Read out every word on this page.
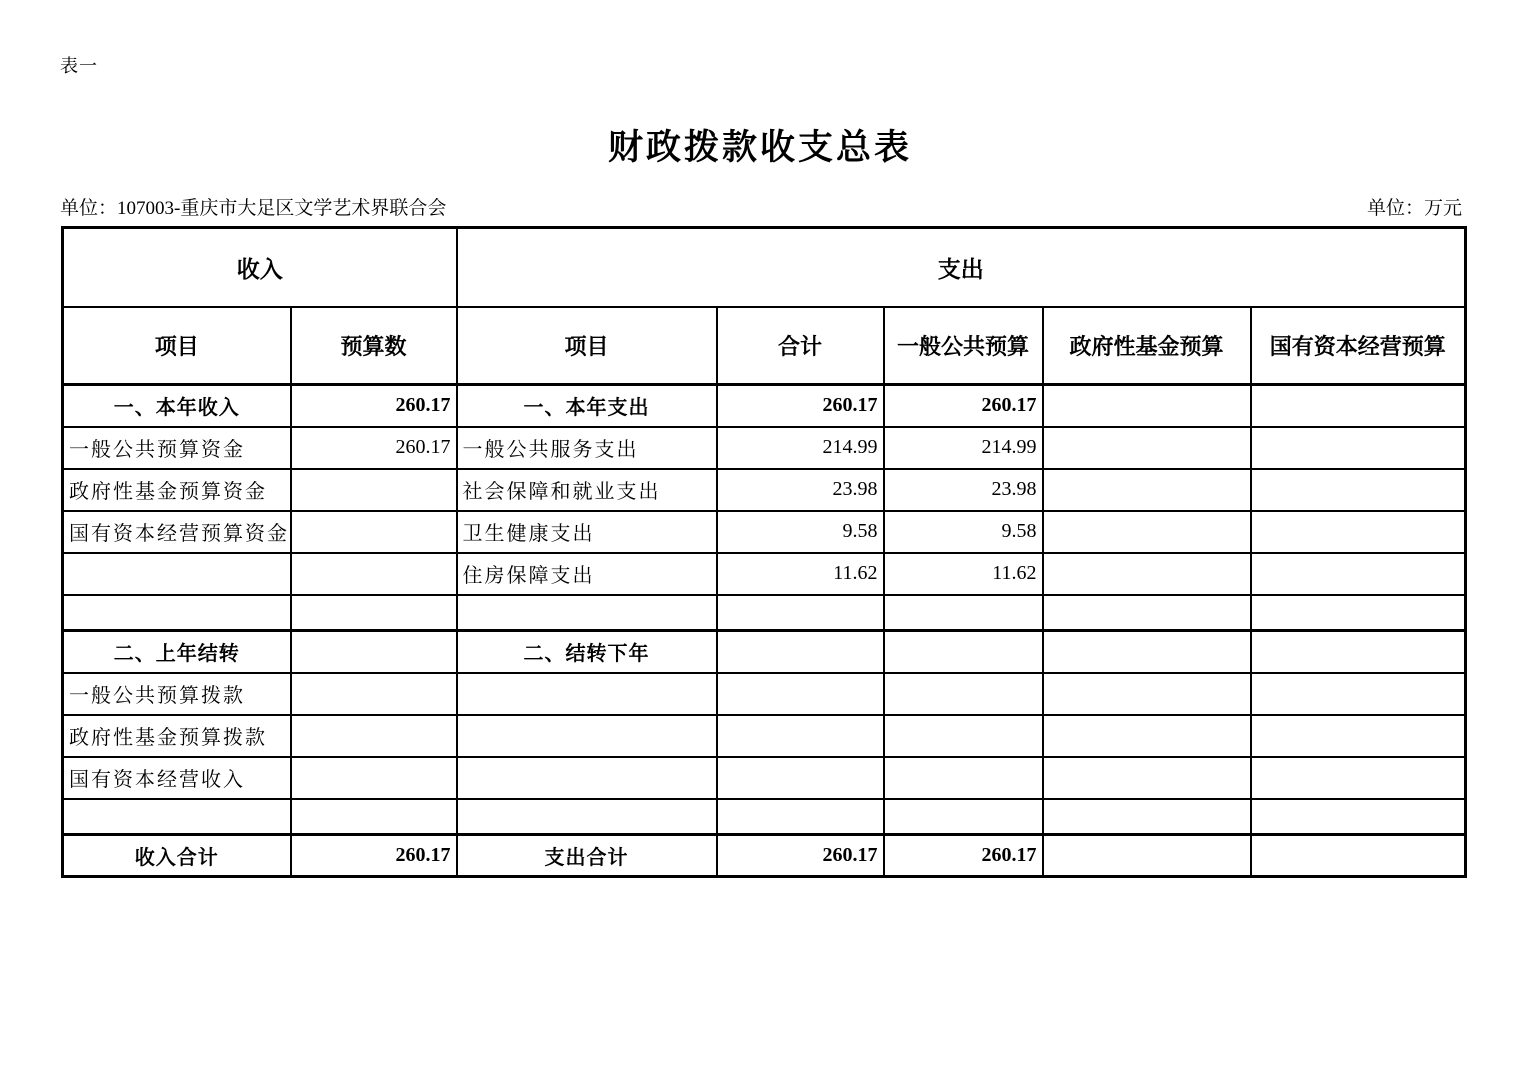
表一
财政拨款收支总表
单位：107003-重庆市大足区文学艺术界联合会	单位：万元
收入		支出				
项目	预算数	项目	合计	一般公共预算	政府性基金预算	国有资本经营预算
一、本年收入	260.17	一、本年支出	260.17	260.17		
一般公共预算资金	260.17	一般公共服务支出	214.99	214.99		
政府性基金预算资金		社会保障和就业支出	23.98	23.98		
国有资本经营预算资金		卫生健康支出	9.58	9.58		
		住房保障支出	11.62	11.62		

二、上年结转		二、结转下年				
一般公共预算拨款						
政府性基金预算拨款						
国有资本经营收入						

收入合计	260.17	支出合计	260.17	260.17		
